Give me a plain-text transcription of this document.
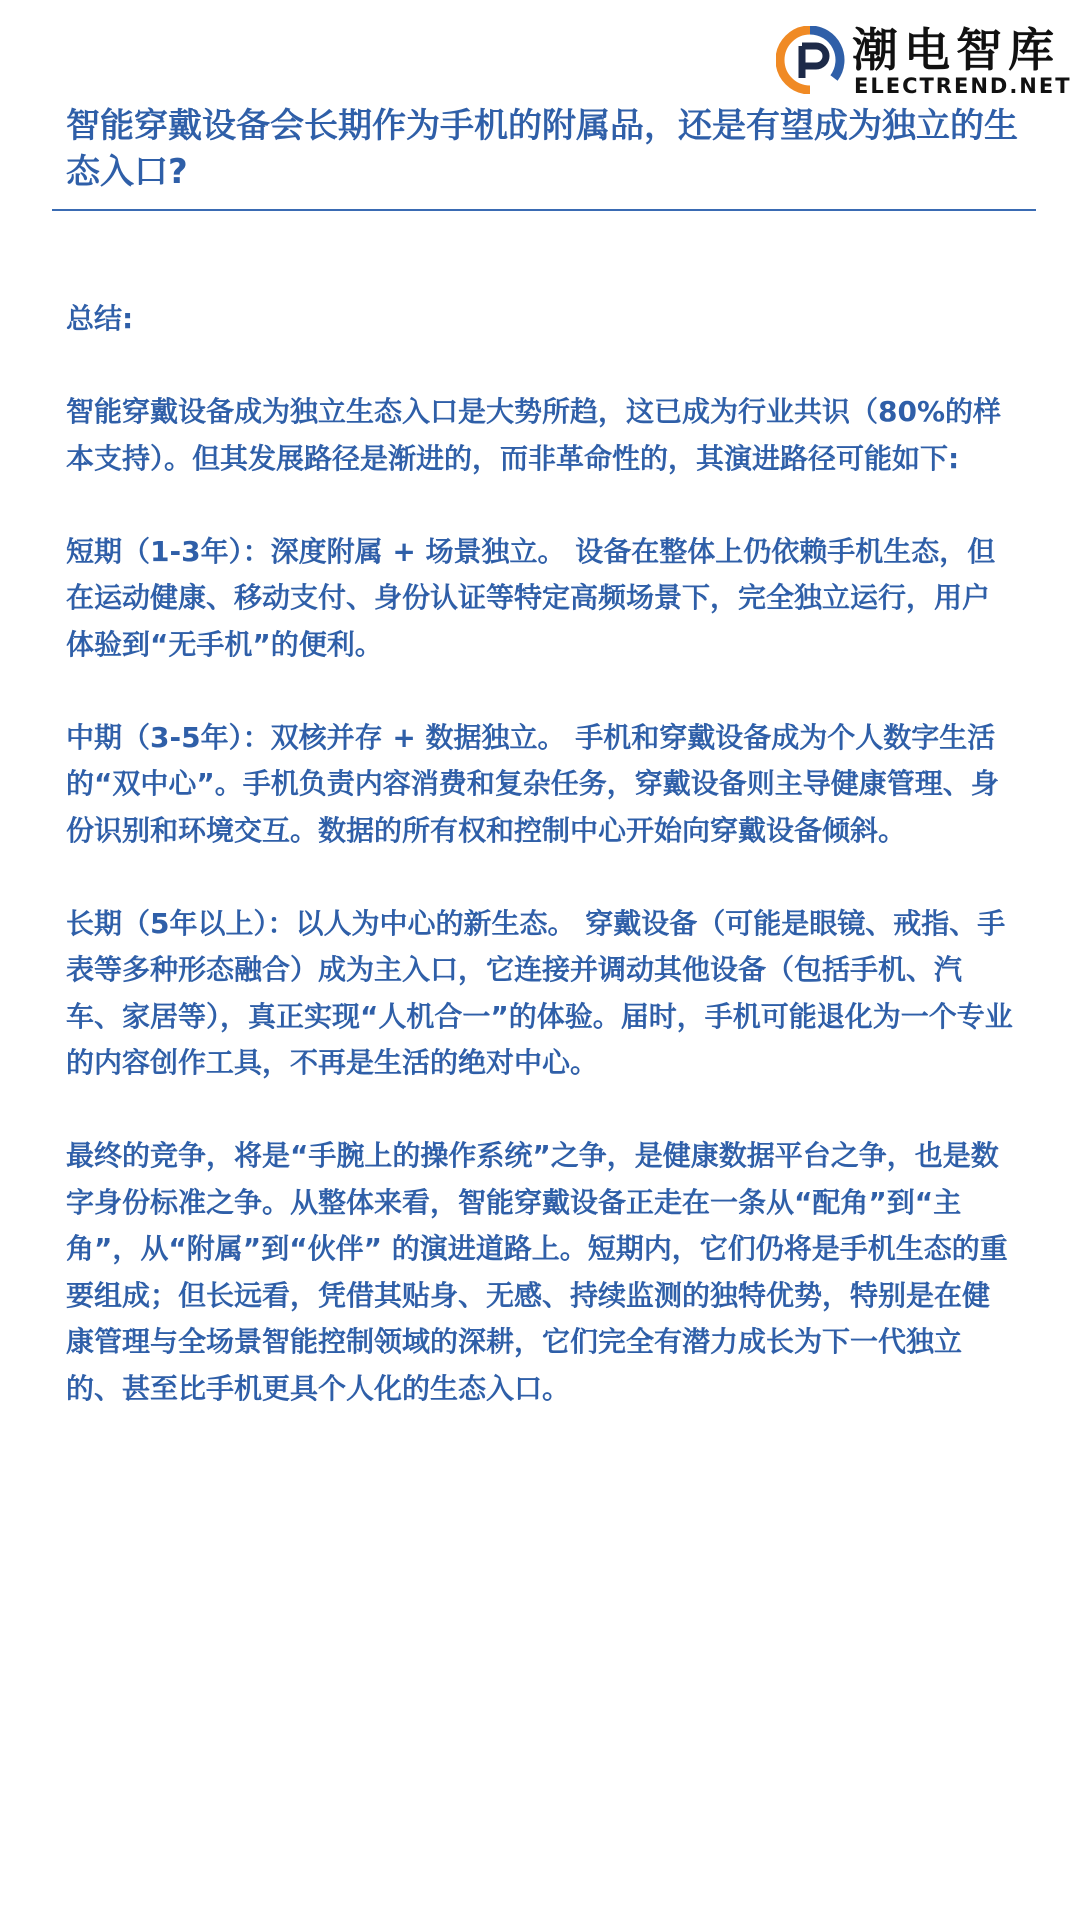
潮电智库
ELECTREND.NET
智能穿戴设备会长期作为手机的附属品，还是有望成为独立的生态入口?

总结:

智能穿戴设备成为独立生态入口是大势所趋，这已成为行业共识（80%的样本支持）。但其发展路径是渐进的，而非革命性的，其演进路径可能如下:

短期（1-3年）：深度附属 + 场景独立。 设备在整体上仍依赖手机生态，但在运动健康、移动支付、身份认证等特定高频场景下，完全独立运行，用户体验到“无手机”的便利。

中期（3-5年）：双核并存 + 数据独立。 手机和穿戴设备成为个人数字生活的“双中心”。手机负责内容消费和复杂任务，穿戴设备则主导健康管理、身份识别和环境交互。数据的所有权和控制中心开始向穿戴设备倾斜。

长期（5年以上）：以人为中心的新生态。 穿戴设备（可能是眼镜、戒指、手表等多种形态融合）成为主入口，它连接并调动其他设备（包括手机、汽车、家居等），真正实现“人机合一”的体验。届时，手机可能退化为一个专业的内容创作工具，不再是生活的绝对中心。

最终的竞争，将是“手腕上的操作系统”之争，是健康数据平台之争，也是数字身份标准之争。从整体来看，智能穿戴设备正走在一条从“配角”到“主角”，从“附属”到“伙伴” 的演进道路上。短期内，它们仍将是手机生态的重要组成；但长远看，凭借其贴身、无感、持续监测的独特优势，特别是在健康管理与全场景智能控制领域的深耕，它们完全有潜力成长为下一代独立的、甚至比手机更具个人化的生态入口。
